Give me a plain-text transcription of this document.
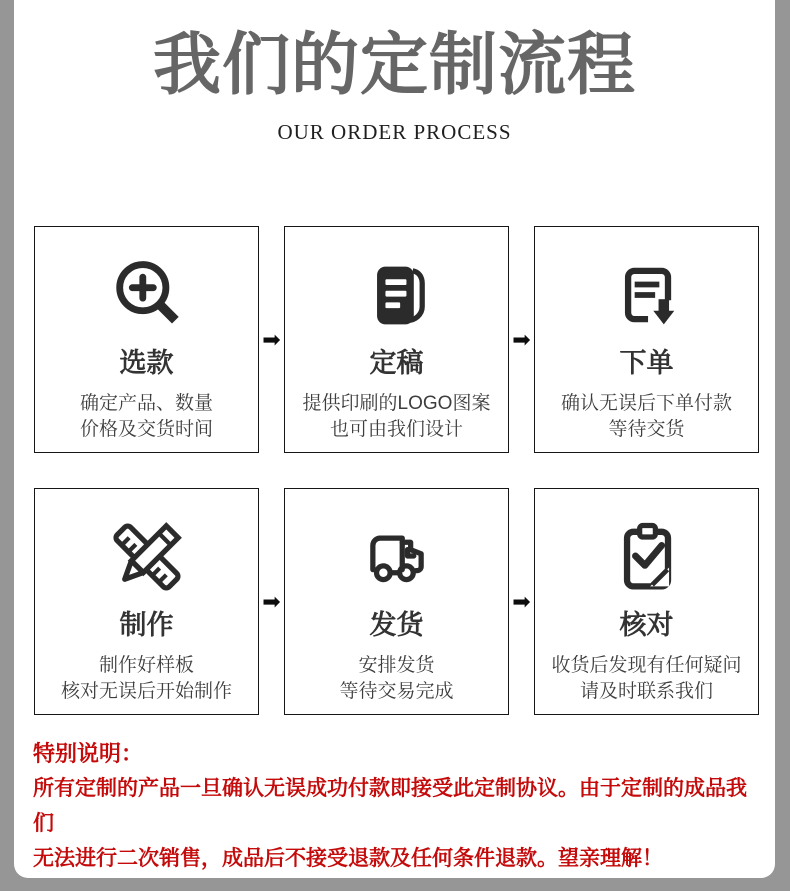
我们的定制流程
OUR ORDER PROCESS
选款
确定产品、数量
价格及交货时间
➡
定稿
提供印刷的LOGO图案
也可由我们设计
➡
下单
确认无误后下单付款
等待交货
制作
制作好样板
核对无误后开始制作
➡
发货
安排发货
等待交易完成
➡
核对
收货后发现有任何疑问
请及时联系我们
特别说明：
所有定制的产品一旦确认无误成功付款即接受此定制协议。由于定制的成品我们
无法进行二次销售，成品后不接受退款及任何条件退款。望亲理解！
